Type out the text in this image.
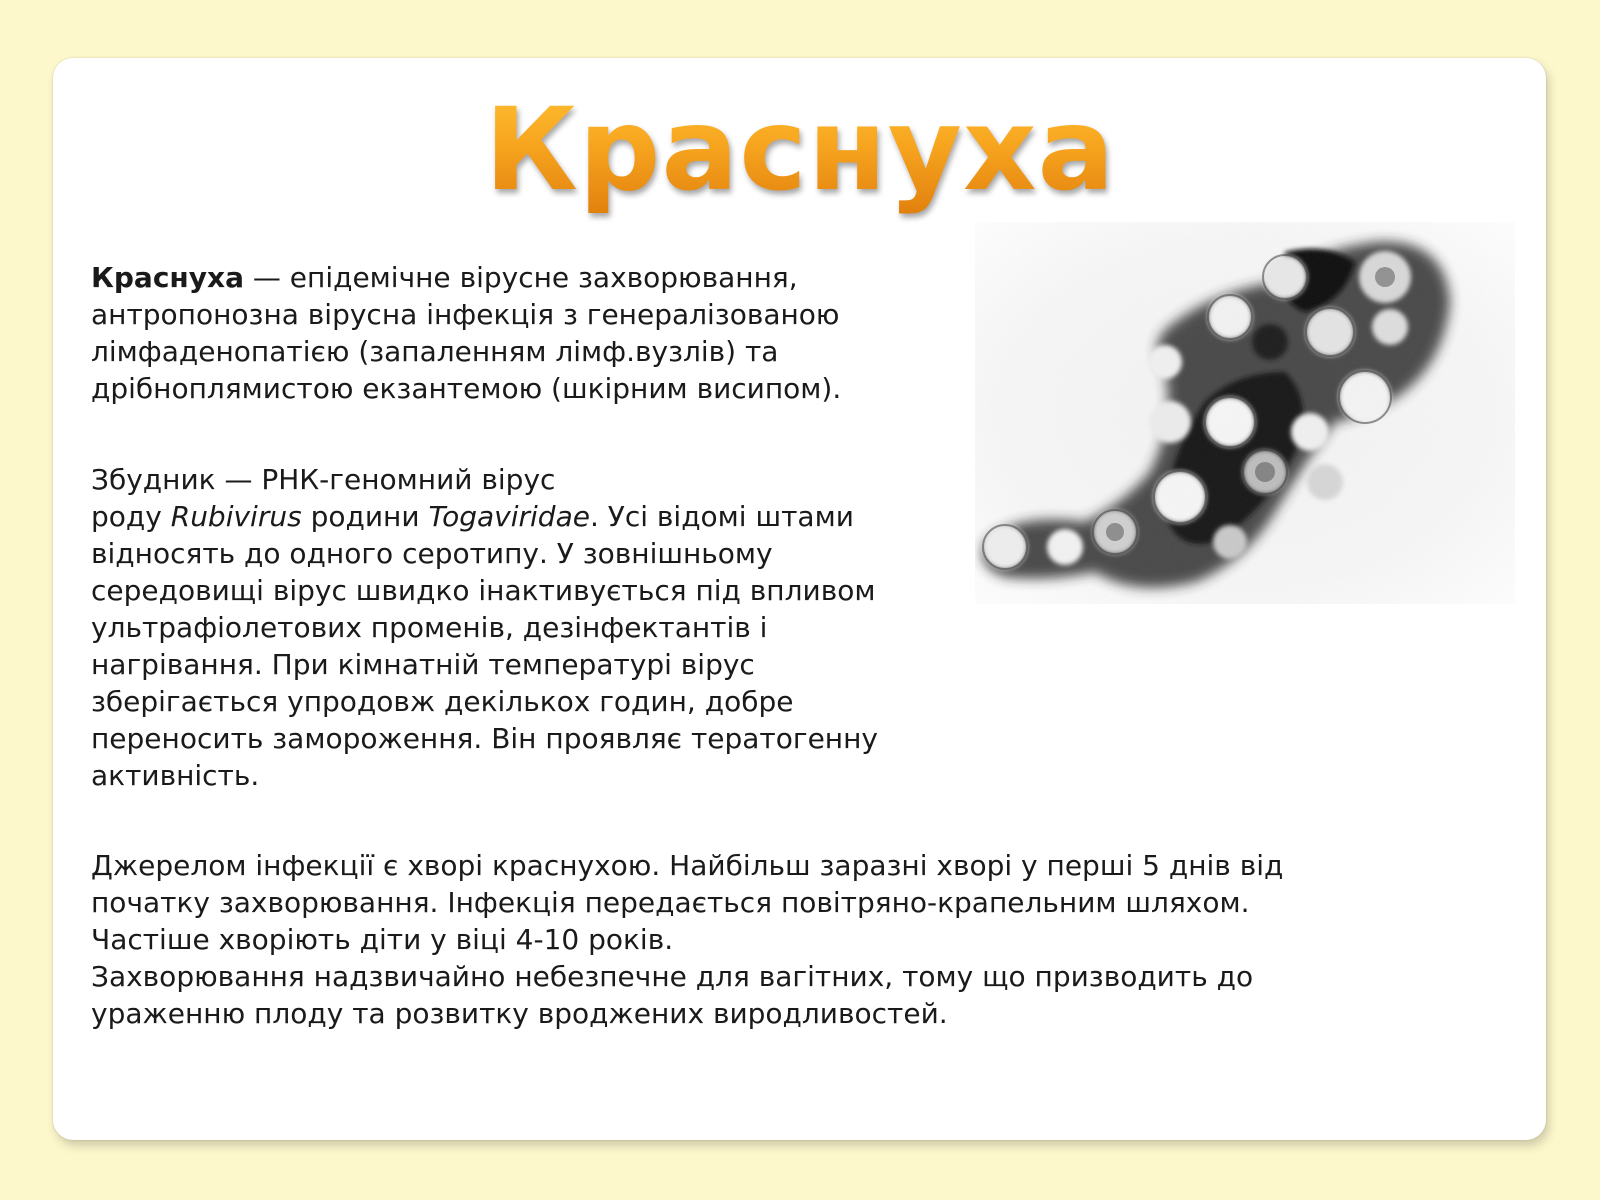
Краснуха
Краснуха — епідемічне вірусне захворювання,
антропонозна вірусна інфекція з генералізованою
лімфаденопатією (запаленням лімф.вузлів) та
дрібноплямистою екзантемою (шкірним висипом).
Збудник — РНК-геномний вірус
роду Rubivirus родини Togaviridae. Усі відомі штами
відносять до одного серотипу. У зовнішньому
середовищі вірус швидко інактивується під впливом
ультрафіолетових променів, дезінфектантів і
нагрівання. При кімнатній температурі вірус
зберігається упродовж декількох годин, добре
переносить замороження. Він проявляє тератогенну
активність.
Джерелом інфекції є хворі краснухою. Найбільш заразні хворі у перші 5 днів від
початку захворювання. Інфекція передається повітряно-крапельним шляхом.
Частіше хворіють діти у віці 4-10 років.
Захворювання надзвичайно небезпечне для вагітних, тому що призводить до
ураженню плоду та розвитку вроджених виродливостей.
